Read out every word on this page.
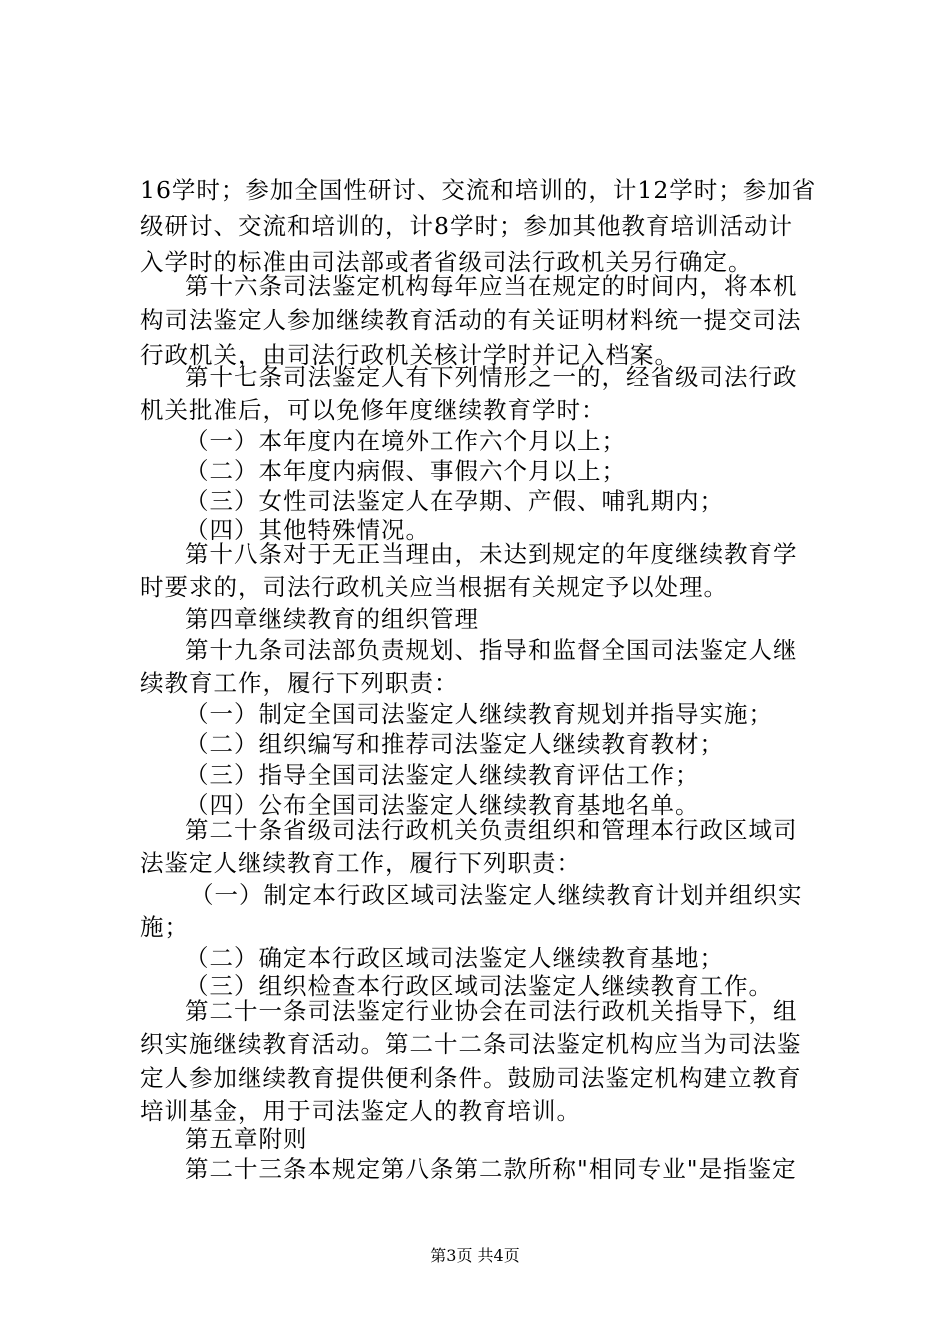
16学时；参加全国性研讨、交流和培训的，计12学时；参加省
级研讨、交流和培训的，计8学时；参加其他教育培训活动计
入学时的标准由司法部或者省级司法行政机关另行确定。
第十六条司法鉴定机构每年应当在规定的时间内，将本机
构司法鉴定人参加继续教育活动的有关证明材料统一提交司法
行政机关，由司法行政机关核计学时并记入档案。
第十七条司法鉴定人有下列情形之一的，经省级司法行政
机关批准后，可以免修年度继续教育学时：
（一）本年度内在境外工作六个月以上；
（二）本年度内病假、事假六个月以上；
（三）女性司法鉴定人在孕期、产假、哺乳期内；
（四）其他特殊情况。
第十八条对于无正当理由，未达到规定的年度继续教育学
时要求的，司法行政机关应当根据有关规定予以处理。
第四章继续教育的组织管理
第十九条司法部负责规划、指导和监督全国司法鉴定人继
续教育工作，履行下列职责：
（一）制定全国司法鉴定人继续教育规划并指导实施；
（二）组织编写和推荐司法鉴定人继续教育教材；
（三）指导全国司法鉴定人继续教育评估工作；
（四）公布全国司法鉴定人继续教育基地名单。
第二十条省级司法行政机关负责组织和管理本行政区域司
法鉴定人继续教育工作，履行下列职责：
（一）制定本行政区域司法鉴定人继续教育计划并组织实
施；
（二）确定本行政区域司法鉴定人继续教育基地；
（三）组织检查本行政区域司法鉴定人继续教育工作。
第二十一条司法鉴定行业协会在司法行政机关指导下，组
织实施继续教育活动。第二十二条司法鉴定机构应当为司法鉴
定人参加继续教育提供便利条件。鼓励司法鉴定机构建立教育
培训基金，用于司法鉴定人的教育培训。
第五章附则
第二十三条本规定第八条第二款所称"相同专业"是指鉴定
第3页 共4页
